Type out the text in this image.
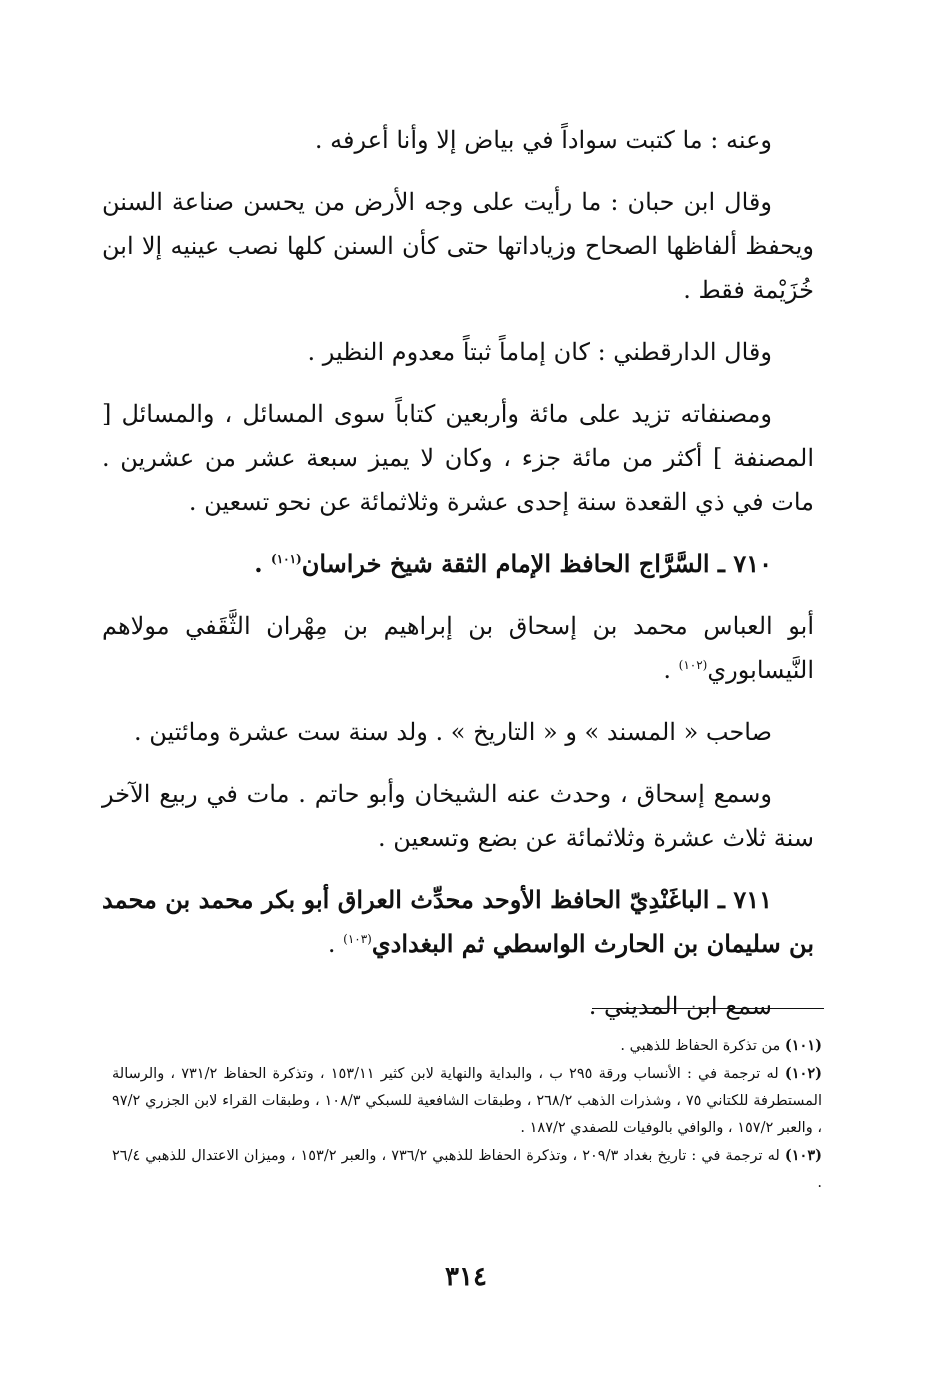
وعنه : ما كتبت سواداً في بياض إلا وأنا أعرفه .

وقال ابن حبان : ما رأيت على وجه الأرض من يحسن صناعة السنن ويحفظ ألفاظها الصحاح وزياداتها حتى كأن السنن كلها نصب عينيه إلا ابن خُزَيْمة فقط .

وقال الدارقطني : كان إماماً ثبتاً معدوم النظير .

ومصنفاته تزيد على مائة وأربعين كتاباً سوى المسائل ، والمسائل [ المصنفة ] أكثر من مائة جزء ، وكان لا يميز سبعة عشر من عشرين . مات في ذي القعدة سنة إحدى عشرة وثلاثمائة عن نحو تسعين .

٧١٠ ـ السَّرَّاج الحافظ الإمام الثقة شيخ خراسان$^{(١٠١)}$ .

أبو العباس محمد بن إسحاق بن إبراهيم بن مِهْران الثَّقَفي مولاهم النَّيسابوري$^{(١٠٢)}$ .

صاحب « المسند » و « التاريخ » . ولد سنة ست عشرة ومائتين .

وسمع إسحاق ، وحدث عنه الشيخان وأبو حاتم . مات في ربيع الآخر سنة ثلاث عشرة وثلاثمائة عن بضع وتسعين .

٧١١ ـ الباغَنْدِيّ الحافظ الأوحد محدِّث العراق أبو بكر محمد بن محمد بن سليمان بن الحارث الواسطي ثم البغدادي$^{(١٠٣)}$ .

سمع ابن المديني .

(١٠١) من تذكرة الحفاظ للذهبي .

(١٠٢) له ترجمة في : الأنساب ورقة ٢٩٥ ب ، والبداية والنهاية لابن كثير ١٥٣/١١ ، وتذكرة الحفاظ ٧٣١/٢ ، والرسالة المستطرفة للكتاني ٧٥ ، وشذرات الذهب ٢٦٨/٢ ، وطبقات الشافعية للسبكي ١٠٨/٣ ، وطبقات القراء لابن الجزري ٩٧/٢ ، والعبر ١٥٧/٢ ، والوافي بالوفيات للصفدي ١٨٧/٢ .

(١٠٣) له ترجمة في : تاريخ بغداد ٢٠٩/٣ ، وتذكرة الحفاظ للذهبي ٧٣٦/٢ ، والعبر ١٥٣/٢ ، وميزان الاعتدال للذهبي ٢٦/٤ .

٣١٤
